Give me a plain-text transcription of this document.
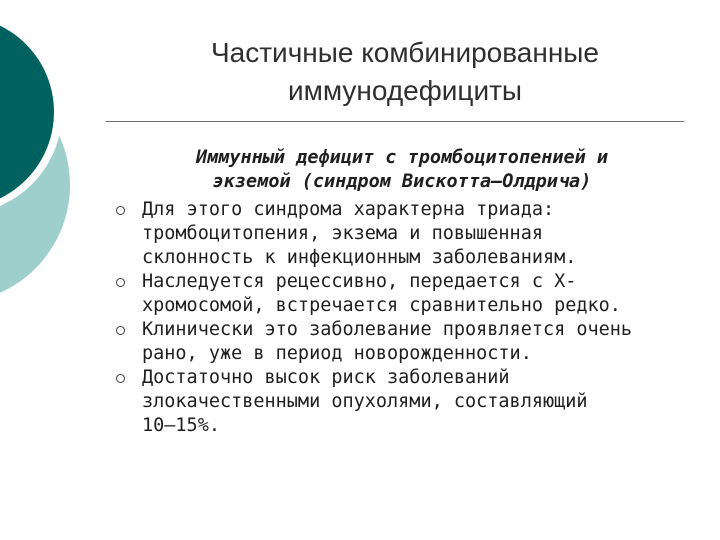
Частичные комбинированные
иммунодефициты
Иммунный дефицит с тромбоцитопенией и
экземой (синдром Вискотта–Олдрича)
Для этого синдрома характерна триада:
тромбоцитопения, экзема и повышенная
склонность к инфекционным заболеваниям.
Наследуется рецессивно, передается с Х-
хромосомой, встречается сравнительно редко.
Клинически это заболевание проявляется очень
рано, уже в период новорожденности.
Достаточно высок риск заболеваний
злокачественными опухолями, составляющий
10–15%.
